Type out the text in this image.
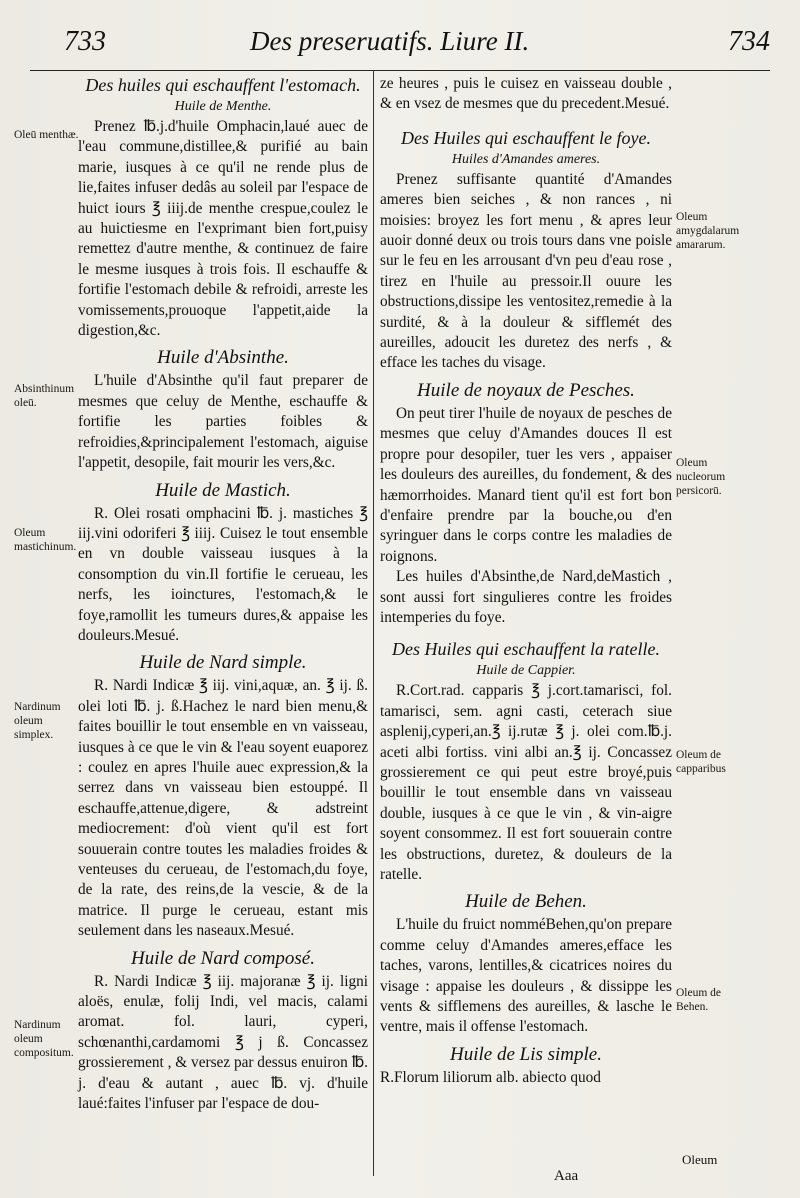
733	Des preseruatifs. Liure II.	734
Des huiles qui eschauffent l'estomach.
Huile de Menthe.

Prenez ℔.j.d'huile Omphacin,laué auec de l'eau commune,distillee,& purifié au bain marie, iusques à ce qu'il ne rende plus de lie,faites infuser dedâs au soleil par l'espace de huict iours ℥ iiij.de menthe crespue,coulez le au huictiesme en l'exprimant bien fort,puisy remettez d'autre menthe, & continuez de faire le mesme iusques à trois fois. Il eschauffe & fortifie l'estomach debile & refroidi, arreste les vomissements,prouoque l'appetit,aide la digestion,&c.

Huile d'Absinthe.

L'huile d'Absinthe qu'il faut preparer de mesmes que celuy de Menthe, eschauffe & fortifie les parties foibles & refroidies,&principalement l'estomach, aiguise l'appetit, desopile, fait mourir les vers,&c.

Huile de Mastich.

R. Olei rosati omphacini ℔. j. mastiches ℥ iij.vini odoriferi ℥ iiij. Cuisez le tout ensemble en vn double vaisseau iusques à la consomption du vin.Il fortifie le cerueau, les nerfs, les ioinctures, l'estomach,& le foye,ramollit les tumeurs dures,& appaise les douleurs.Mesué.

Huile de Nard simple.

R. Nardi Indicæ ℥ iij. vini,aquæ, an. ℥ ij. ß. olei loti ℔. j. ß.Hachez le nard bien menu,& faites bouillir le tout ensemble en vn vaisseau, iusques à ce que le vin & l'eau soyent euaporez : coulez en apres l'huile auec expression,& la serrez dans vn vaisseau bien estouppé. Il eschauffe,attenue,digere, & adstreint mediocrement: d'où vient qu'il est fort souuerain contre toutes les maladies froides & venteuses du cerueau, de l'estomach,du foye, de la rate, des reins,de la vescie, & de la matrice. Il purge le cerueau, estant mis seulement dans les naseaux.Mesué.

Huile de Nard composé.

R. Nardi Indicæ ℥ iij. majoranæ ℥ ij. ligni aloës, enulæ, folij Indi, vel macis, calami aromat. fol. lauri, cyperi, schœnanthi,cardamomi ℥ j ß. Concassez grossierement , & versez par dessus enuiron ℔. j. d'eau & autant , auec ℔. vj. d'huile laué:faites l'infuser par l'espace de dou-

ze heures , puis le cuisez en vaisseau double , & en vsez de mesmes que du precedent.Mesué.

Des Huiles qui eschauffent le foye.
Huiles d'Amandes ameres.

Prenez suffisante quantité d'Amandes ameres bien seiches , & non rances , ni moisies: broyez les fort menu , & apres leur auoir donné deux ou trois tours dans vne poisle sur le feu en les arrousant d'vn peu d'eau rose , tirez en l'huile au pressoir.Il ouure les obstructions,dissipe les ventositez,remedie à la surdité, & à la douleur & sifflemét des aureilles, adoucit les duretez des nerfs , & efface les taches du visage.

Huile de noyaux de Pesches.

On peut tirer l'huile de noyaux de pesches de mesmes que celuy d'Amandes douces Il est propre pour desopiler, tuer les vers , appaiser les douleurs des aureilles, du fondement, & des hæmorrhoides. Manard tient qu'il est fort bon d'enfaire prendre par la bouche,ou d'en syringuer dans le corps contre les maladies de roignons.

Les huiles d'Absinthe,de Nard,deMastich , sont aussi fort singulieres contre les froides intemperies du foye.

Des Huiles qui eschauffent la ratelle.
Huile de Cappier.

R.Cort.rad. capparis ℥ j.cort.tamarisci, fol. tamarisci, sem. agni casti, ceterach siue asplenij,cyperi,an.℥ ij.rutæ ℥ j. olei com.℔.j. aceti albi fortiss. vini albi an.℥ ij. Concassez grossierement ce qui peut estre broyé,puis bouillir le tout ensemble dans vn vaisseau double, iusques à ce que le vin , & vin-aigre soyent consommez. Il est fort souuerain contre les obstructions, duretez, & douleurs de la ratelle.

Huile de Behen.

L'huile du fruict nomméBehen,qu'on prepare comme celuy d'Amandes ameres,efface les taches, varons, lentilles,& cicatrices noires du visage : appaise les douleurs , & dissippe les vents & sifflemens des aureilles, & lasche le ventre, mais il offense l'estomach.

Huile de Lis simple.

R.Florum liliorum alb. abiecto quod

Oleū menthæ.
Absinthinum oleū.
Oleum mastichinum.
Nardinum oleum simplex.
Nardinum oleum compositum.
Oleum amygdalarum amararum.
Oleum nucleorum persicorū.
Oleum de capparibus
Oleum de Behen.
Oleum
Aaa
